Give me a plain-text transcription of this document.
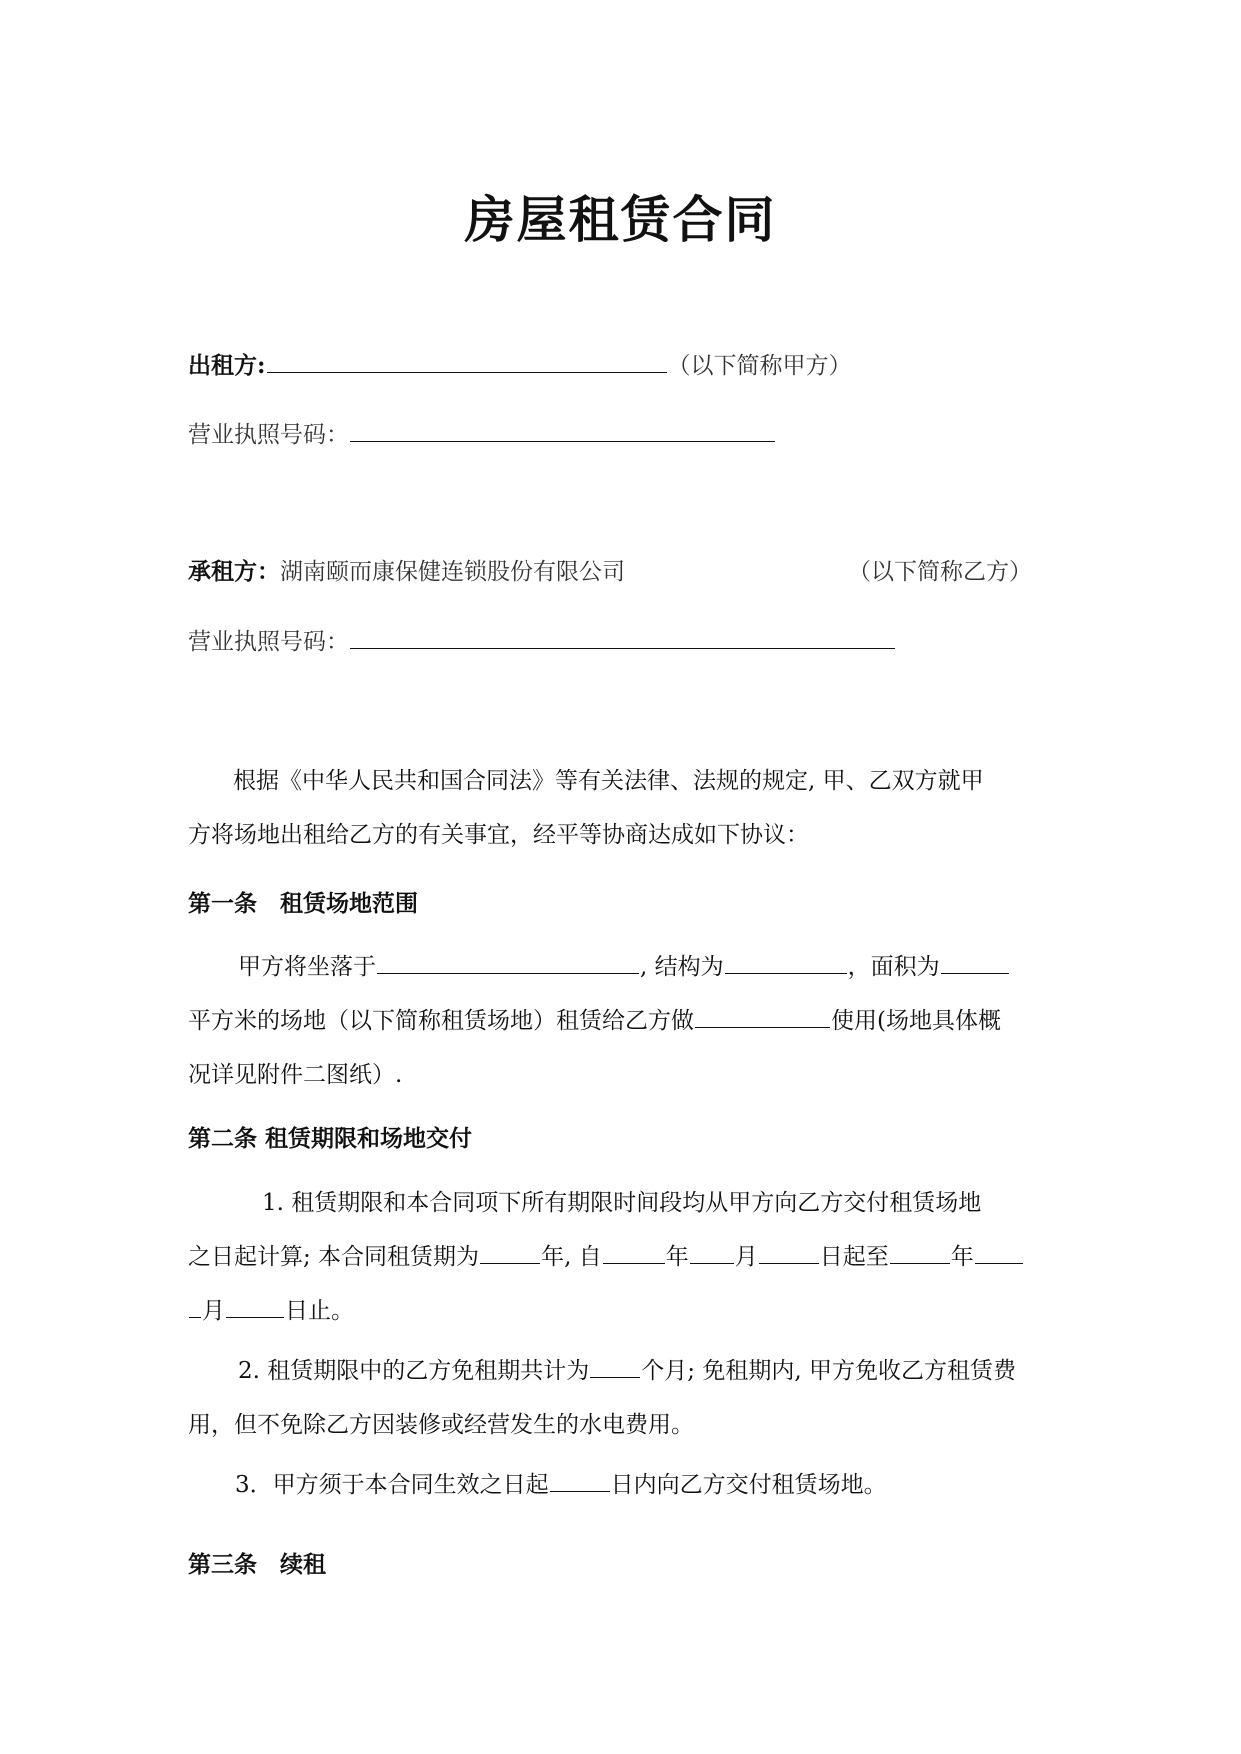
房屋租赁合同
出租方:	（以下简称甲方）
营业执照号码：
承租方：湖南颐而康保健连锁股份有限公司	（以下简称乙方）
营业执照号码：
根据《中华人民共和国合同法》等有关法律、法规的规定, 甲、乙双方就甲
方将场地出租给乙方的有关事宜，经平等协商达成如下协议：
第一条　租赁场地范围
甲方将坐落于	, 结构为	，面积为
平方米的场地（以下简称租赁场地）租赁给乙方做	使用(场地具体概
况详见附件二图纸）.
第二条 租赁期限和场地交付
1. 租赁期限和本合同项下所有期限时间段均从甲方向乙方交付租赁场地
之日起计算; 本合同租赁期为	年, 自	年 月	日起至	年
月	日止。
2. 租赁期限中的乙方免租期共计为 个月; 免租期内, 甲方免收乙方租赁费
用，但不免除乙方因装修或经营发生的水电费用。
3．甲方须于本合同生效之日起	日内向乙方交付租赁场地。
第三条　续租
